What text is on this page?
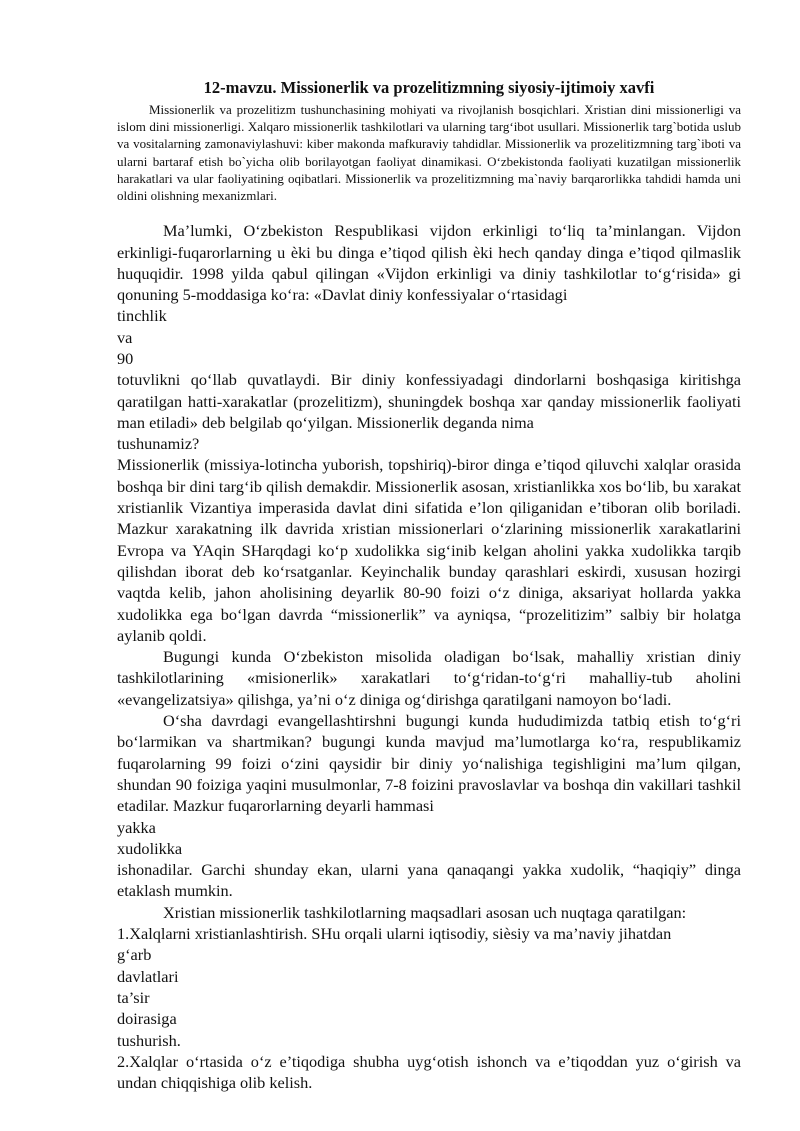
12-mavzu. Missionerlik va prozelitizmning siyosiy-ijtimoiy xavfi

Missionerlik va prozelitizm tushunchasining mohiyati va rivojlanish bosqichlari. Xristian dini missionerligi va islom dini missionerligi. Xalqaro missionerlik tashkilotlari va ularning targ‘ibot usullari. Missionerlik targ`botida uslub va vositalarning zamonaviylashuvi: kiber makonda mafkuraviy tahdidlar. Missionerlik va prozelitizmning targ`iboti va ularni bartaraf etish bo`yicha olib borilayotgan faoliyat dinamikasi. O‘zbekistonda faoliyati kuzatilgan missionerlik harakatlari va ular faoliyatining oqibatlari. Missionerlik va prozelitizmning ma`naviy barqarorlikka tahdidi hamda uni oldini olishning mexanizmlari.

Ma’lumki, O‘zbekiston Respublikasi vijdon erkinligi to‘liq ta’minlangan. Vijdon erkinligi-fuqarorlarning u èki bu dinga e’tiqod qilish èki hech qanday dinga e’tiqod qilmaslik huquqidir. 1998 yilda qabul qilingan «Vijdon erkinligi va diniy tashkilotlar to‘g‘risida» gi qonuning 5-moddasiga ko‘ra: «Davlat diniy konfessiyalar o‘rtasidagi

tinchlik

va

90

totuvlikni qo‘llab quvatlaydi. Bir diniy konfessiyadagi dindorlarni boshqasiga kiritishga qaratilgan hatti-xarakatlar (prozelitizm), shuningdek boshqa xar qanday missionerlik faoliyati man etiladi» deb belgilab qo‘yilgan. Missionerlik deganda nima

tushunamiz?

Missionerlik (missiya-lotincha yuborish, topshiriq)-biror dinga e’tiqod qiluvchi xalqlar orasida boshqa bir dini targ‘ib qilish demakdir. Missionerlik asosan, xristianlikka xos bo‘lib, bu xarakat xristianlik Vizantiya imperasida davlat dini sifatida e’lon qiliganidan e’tiboran olib boriladi. Mazkur xarakatning ilk davrida xristian missionerlari o‘zlarining missionerlik xarakatlarini Evropa va YAqin SHarqdagi ko‘p xudolikka sig‘inib kelgan aholini yakka xudolikka tarqib qilishdan iborat deb ko‘rsatganlar. Keyinchalik bunday qarashlari eskirdi, xususan hozirgi vaqtda kelib, jahon aholisining deyarlik 80-90 foizi o‘z diniga, aksariyat hollarda yakka xudolikka ega bo‘lgan davrda “missionerlik” va ayniqsa, “prozelitizim” salbiy bir holatga aylanib qoldi.

Bugungi kunda O‘zbekiston misolida oladigan bo‘lsak, mahalliy xristian diniy tashkilotlarining «misionerlik» xarakatlari to‘g‘ridan-to‘g‘ri mahalliy-tub aholini «evangelizatsiya» qilishga, ya’ni o‘z diniga og‘dirishga qaratilgani namoyon bo‘ladi.

O‘sha davrdagi evangellashtirshni bugungi kunda hududimizda tatbiq etish to‘g‘ri bo‘larmikan va shartmikan? bugungi kunda mavjud ma’lumotlarga ko‘ra, respublikamiz fuqarolarning 99 foizi o‘zini qaysidir bir diniy yo‘nalishiga tegishligini ma’lum qilgan, shundan 90 foiziga yaqini musulmonlar, 7-8 foizini pravoslavlar va boshqa din vakillari tashkil etadilar. Mazkur fuqarorlarning deyarli hammasi

yakka

xudolikka

ishonadilar. Garchi shunday ekan, ularni yana qanaqangi yakka xudolik, “haqiqiy” dinga etaklash mumkin.

Xristian missionerlik tashkilotlarning maqsadlari asosan uch nuqtaga qaratilgan:

1.Xalqlarni xristianlashtirish. SHu orqali ularni iqtisodiy, sièsiy va ma’naviy jihatdan

g‘arb

davlatlari

ta’sir

doirasiga

tushurish.

2.Xalqlar o‘rtasida o‘z e’tiqodiga shubha uyg‘otish ishonch va e’tiqoddan yuz o‘girish va undan chiqqishiga olib kelish.
